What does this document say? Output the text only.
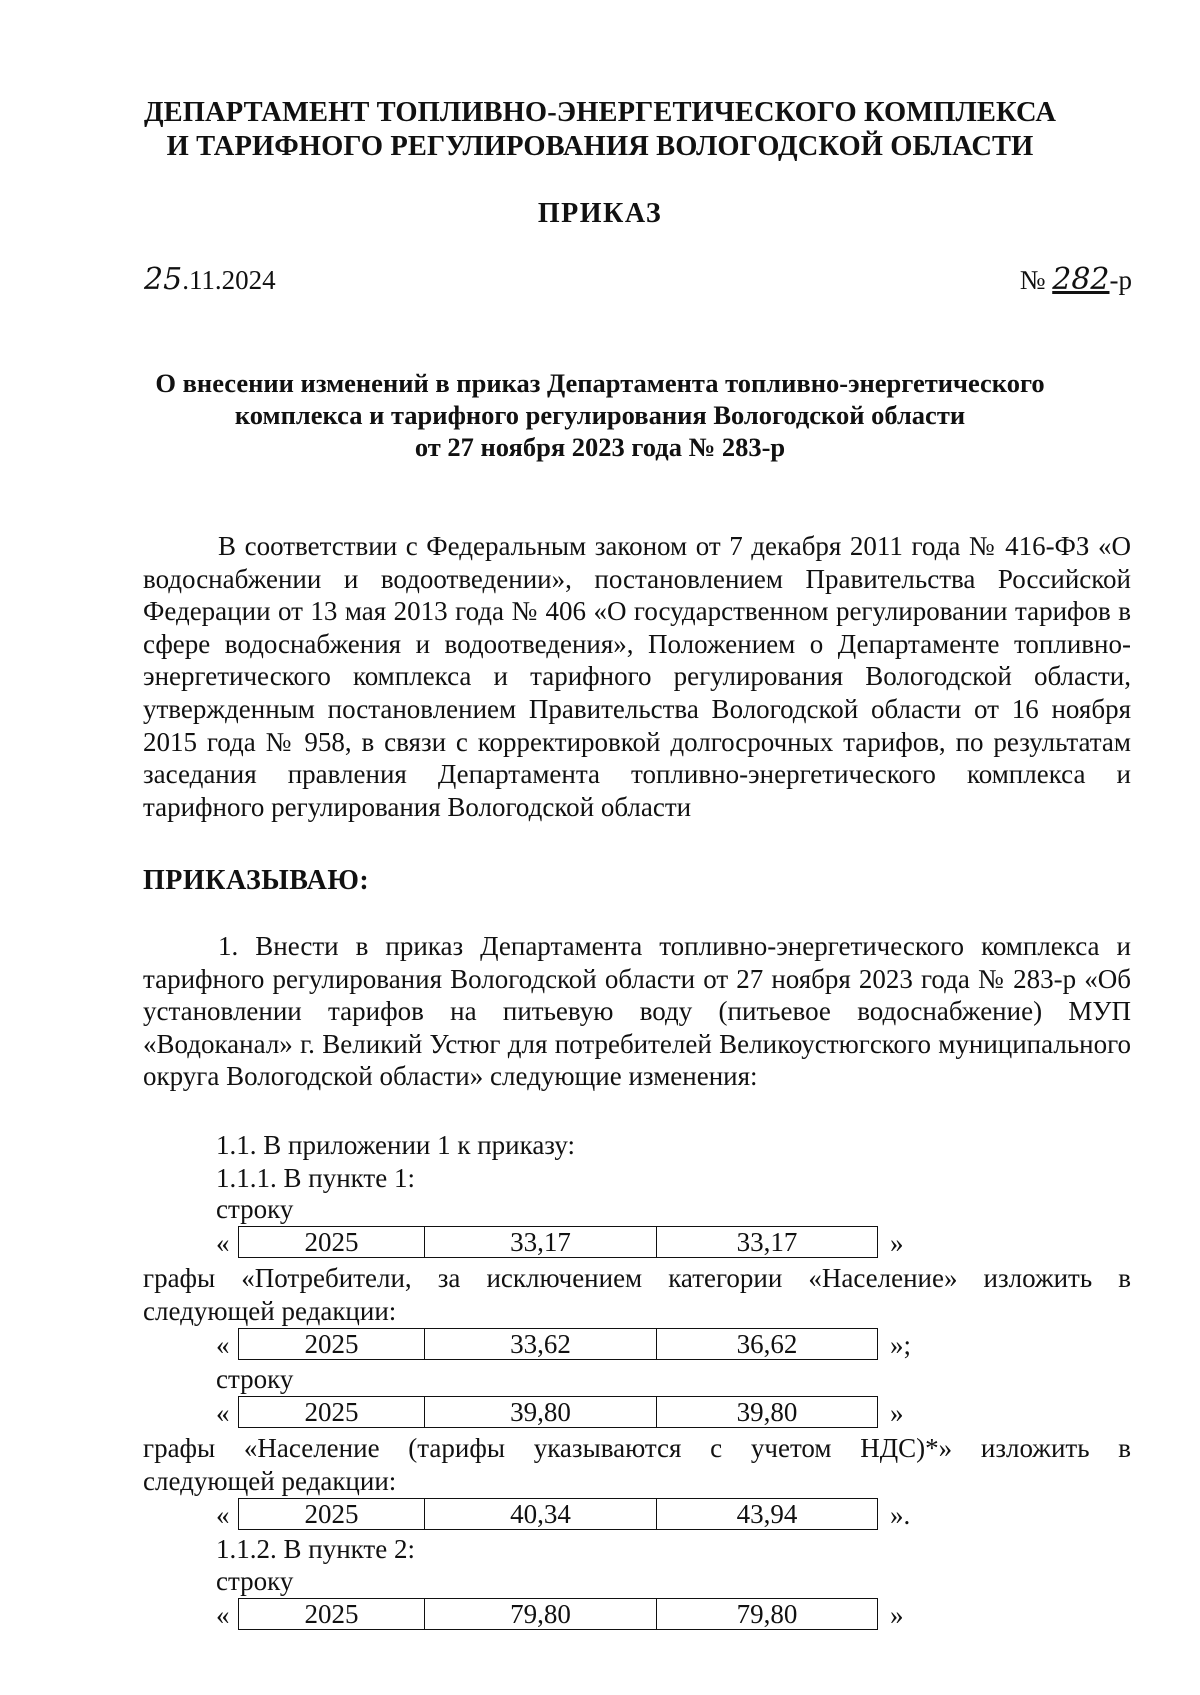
ДЕПАРТАМЕНТ ТОПЛИВНО-ЭНЕРГЕТИЧЕСКОГО КОМПЛЕКСА
И ТАРИФНОГО РЕГУЛИРОВАНИЯ ВОЛОГОДСКОЙ ОБЛАСТИ
ПРИКАЗ
25.11.2024	№ 282-р
О внесении изменений в приказ Департамента топливно-энергетического
комплекса и тарифного регулирования Вологодской области
от 27 ноября 2023 года № 283-р

В соответствии с Федеральным законом от 7 декабря 2011 года № 416-ФЗ «О водоснабжении и водоотведении», постановлением Правительства Российской Федерации от 13 мая 2013 года № 406 «О государственном регулировании тарифов в сфере водоснабжения и водоотведения», Положением о Департаменте топливно-энергетического комплекса и тарифного регулирования Вологодской области, утвержденным постановлением Правительства Вологодской области от 16 ноября 2015 года № 958, в связи с корректировкой долгосрочных тарифов, по результатам заседания правления Департамента топливно-энергетического комплекса и тарифного регулирования Вологодской области

ПРИКАЗЫВАЮ:

1. Внести в приказ Департамента топливно-энергетического комплекса и тарифного регулирования Вологодской области от 27 ноября 2023 года № 283-р «Об установлении тарифов на питьевую воду (питьевое водоснабжение) МУП «Водоканал» г. Великий Устюг для потребителей Великоустюгского муниципального округа Вологодской области» следующие изменения:

1.1. В приложении 1 к приказу:
1.1.1. В пункте 1:
строку
«	2025	33,17	33,17	»
графы «Потребители, за исключением категории «Население» изложить в
следующей редакции:
«	2025	33,62	36,62	»;
строку
«	2025	39,80	39,80	»
графы «Население (тарифы указываются с учетом НДС)*» изложить в
следующей редакции:
«	2025	40,34	43,94	».
1.1.2. В пункте 2:
строку
«	2025	79,80	79,80	»
